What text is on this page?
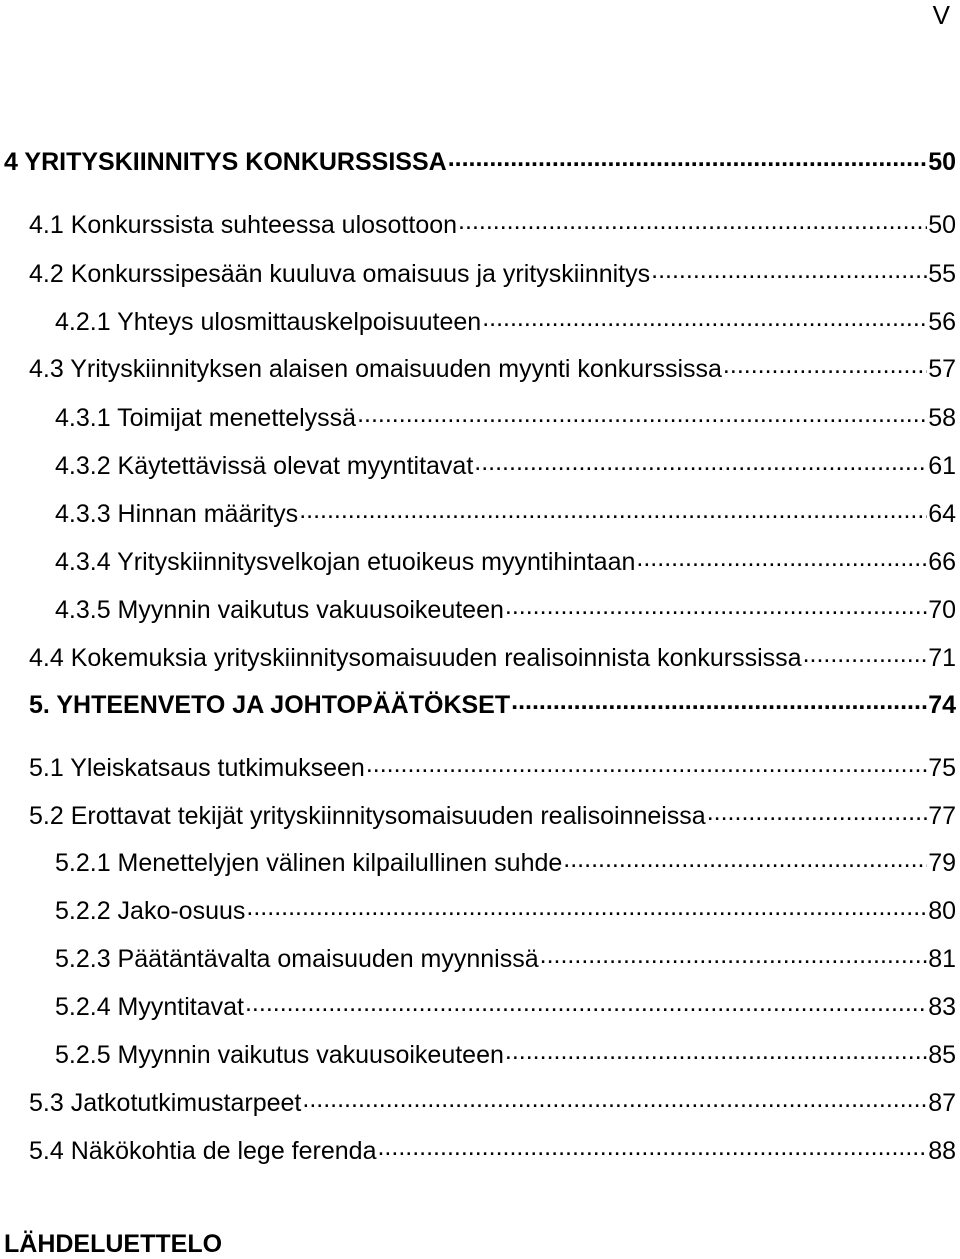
V
4 YRITYSKIINNITYS KONKURSSISSA .....	50
4.1 Konkurssista suhteessa ulosottoon .....	50
4.2 Konkurssipesään kuuluva omaisuus ja yrityskiinnitys .....	55
4.2.1 Yhteys ulosmittauskelpoisuuteen .....	56
4.3 Yrityskiinnityksen alaisen omaisuuden myynti konkurssissa .....	57
4.3.1 Toimijat menettelyssä .....	58
4.3.2 Käytettävissä olevat myyntitavat .....	61
4.3.3 Hinnan määritys .....	64
4.3.4 Yrityskiinnitysvelkojan etuoikeus myyntihintaan .....	66
4.3.5 Myynnin vaikutus vakuusoikeuteen .....	70
4.4 Kokemuksia yrityskiinnitysomaisuuden realisoinnista konkurssissa .....	71
5. YHTEENVETO JA JOHTOPÄÄTÖKSET .....	74
5.1 Yleiskatsaus tutkimukseen .....	75
5.2 Erottavat tekijät yrityskiinnitysomaisuuden realisoinneissa .....	77
5.2.1 Menettelyjen välinen kilpailullinen suhde .....	79
5.2.2 Jako-osuus .....	80
5.2.3 Päätäntävalta omaisuuden myynnissä .....	81
5.2.4 Myyntitavat .....	83
5.2.5 Myynnin vaikutus vakuusoikeuteen .....	85
5.3 Jatkotutkimustarpeet .....	87
5.4 Näkökohtia de lege ferenda .....	88
LÄHDELUETTELO
